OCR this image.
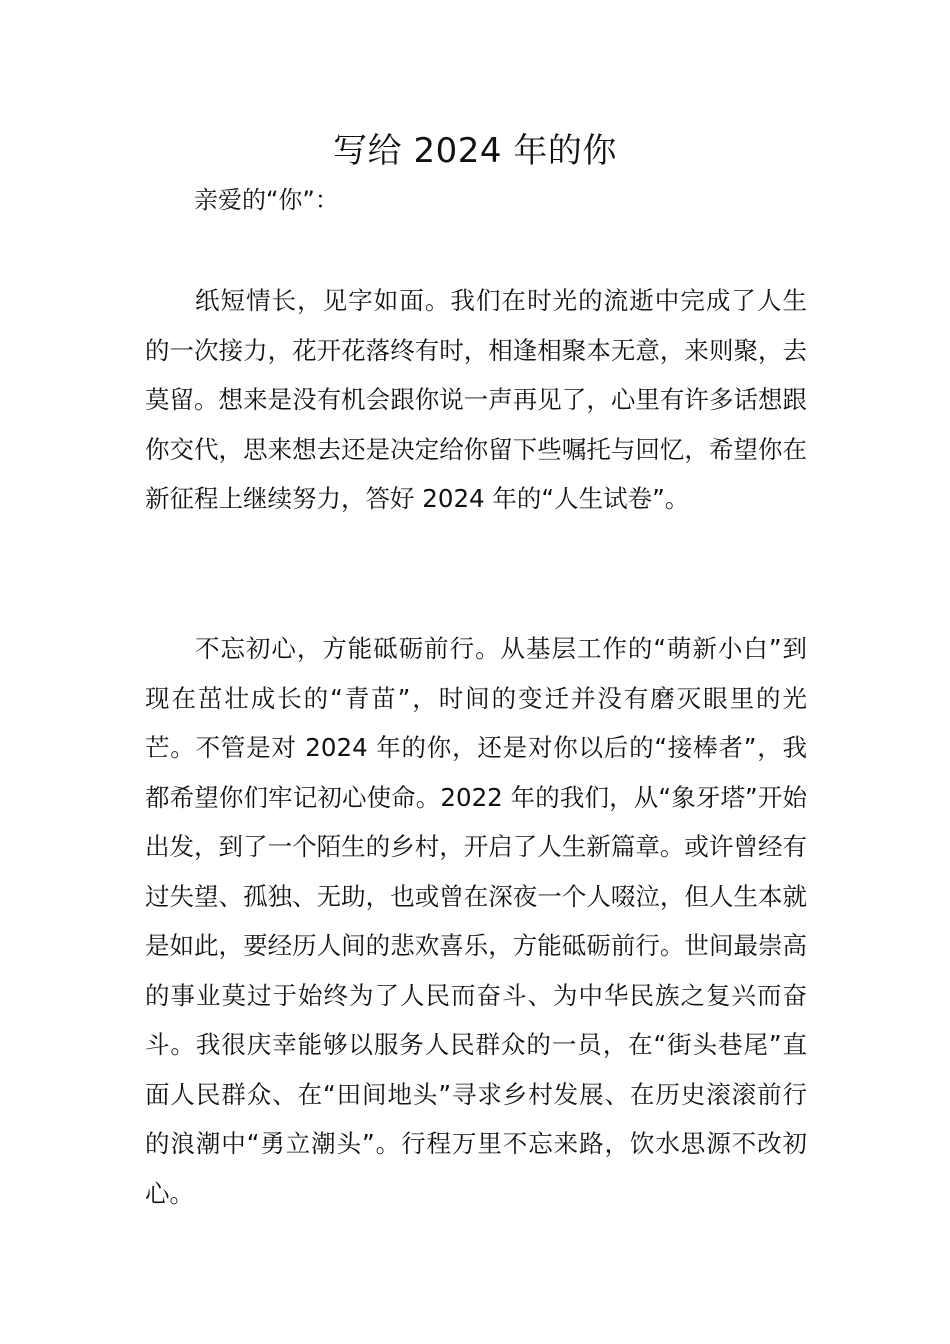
写给 2024 年的你

亲爱的“你”：

纸短情长，见字如面。我们在时光的流逝中完成了人生的一次接力，花开花落终有时，相逢相聚本无意，来则聚，去莫留。想来是没有机会跟你说一声再见了，心里有许多话想跟你交代，思来想去还是决定给你留下些嘱托与回忆，希望你在新征程上继续努力，答好 2024 年的“人生试卷”。

不忘初心，方能砥砺前行。从基层工作的“萌新小白”到现在茁壮成长的“青苗”，时间的变迁并没有磨灭眼里的光芒。不管是对 2024 年的你，还是对你以后的“接棒者”，我都希望你们牢记初心使命。2022 年的我们，从“象牙塔”开始出发，到了一个陌生的乡村，开启了人生新篇章。或许曾经有过失望、孤独、无助，也或曾在深夜一个人啜泣，但人生本就是如此，要经历人间的悲欢喜乐，方能砥砺前行。世间最崇高的事业莫过于始终为了人民而奋斗、为中华民族之复兴而奋斗。我很庆幸能够以服务人民群众的一员，在“街头巷尾”直面人民群众、在“田间地头”寻求乡村发展、在历史滚滚前行的浪潮中“勇立潮头”。行程万里不忘来路，饮水思源不改初心。
